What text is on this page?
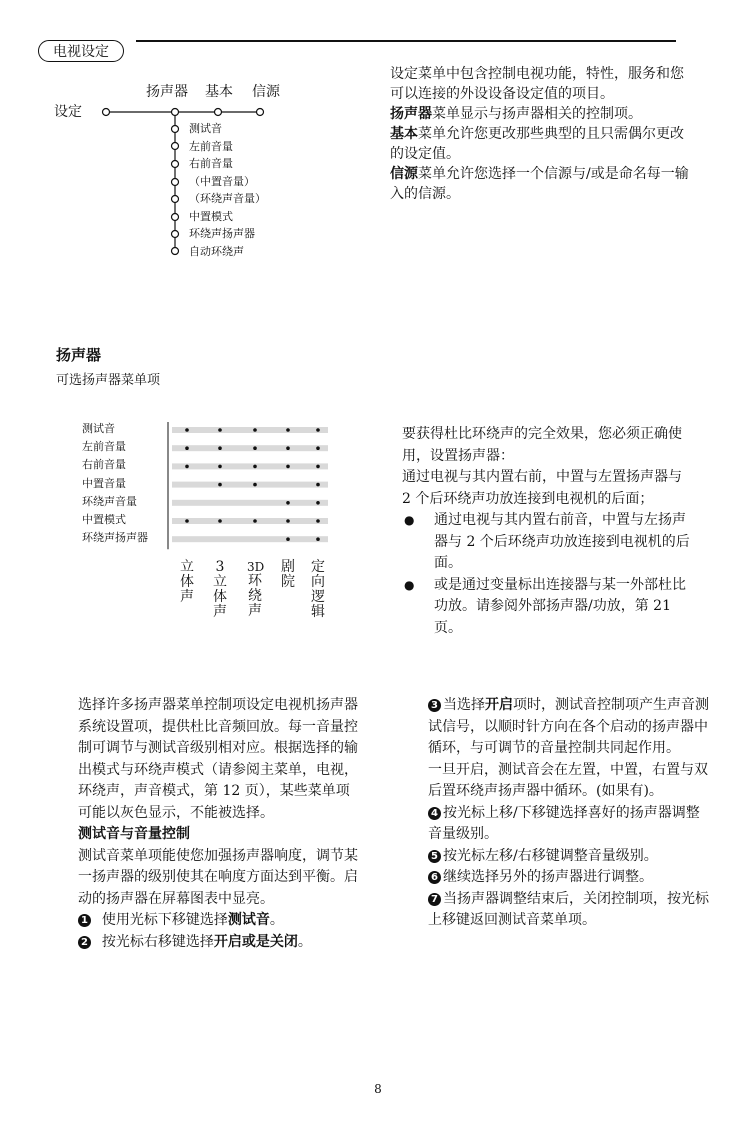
电视设定
设定
扬声器 基本 信源
测试音
左前音量
右前音量
（中置音量）
（环绕声音量）
中置模式
环绕声扬声器
自动环绕声

设定菜单中包含控制电视功能，特性，服务和您可以连接的外设设备设定值的项目。

扬声器菜单显示与扬声器相关的控制项。

基本菜单允许您更改那些典型的且只需偶尔更改的设定值。

信源菜单允许您选择一个信源与/或是命名每一输入的信源。

扬声器
可选扬声器菜单项
测试音
左前音量
右前音量
中置音量
环绕声音量
中置模式
环绕声扬声器
立
体
声
3
立
体
声
3D
环
绕
声
剧
院
定
向
逻
辑

要获得杜比环绕声的完全效果，您必须正确使用，设置扬声器：

通过电视与其内置右前，中置与左置扬声器与 2 个后环绕声功放连接到电视机的后面；

● 通过电视与其内置右前音，中置与左扬声器与 2 个后环绕声功放连接到电视机的后面。

● 或是通过变量标出连接器与某一外部杜比功放。请参阅外部扬声器/功放，第 21 页。

选择许多扬声器菜单控制项设定电视机扬声器系统设置项，提供杜比音频回放。每一音量控制可调节与测试音级别相对应。根据选择的输出模式与环绕声模式（请参阅主菜单，电视，环绕声，声音模式，第 12 页），某些菜单项可能以灰色显示，不能被选择。

测试音与音量控制

测试音菜单项能使您加强扬声器响度，调节某一扬声器的级别使其在响度方面达到平衡。启动的扬声器在屏幕图表中显亮。

1 使用光标下移键选择测试音。

2 按光标右移键选择开启或是关闭。

3 当选择开启项时，测试音控制项产生声音测试信号，以顺时针方向在各个启动的扬声器中循环，与可调节的音量控制共同起作用。

一旦开启，测试音会在左置，中置，右置与双后置环绕声扬声器中循环。(如果有)。

4 按光标上移/下移键选择喜好的扬声器调整音量级别。

5 按光标左移/右移键调整音量级别。

6 继续选择另外的扬声器进行调整。

7 当扬声器调整结束后，关闭控制项，按光标上移键返回测试音菜单项。

8
